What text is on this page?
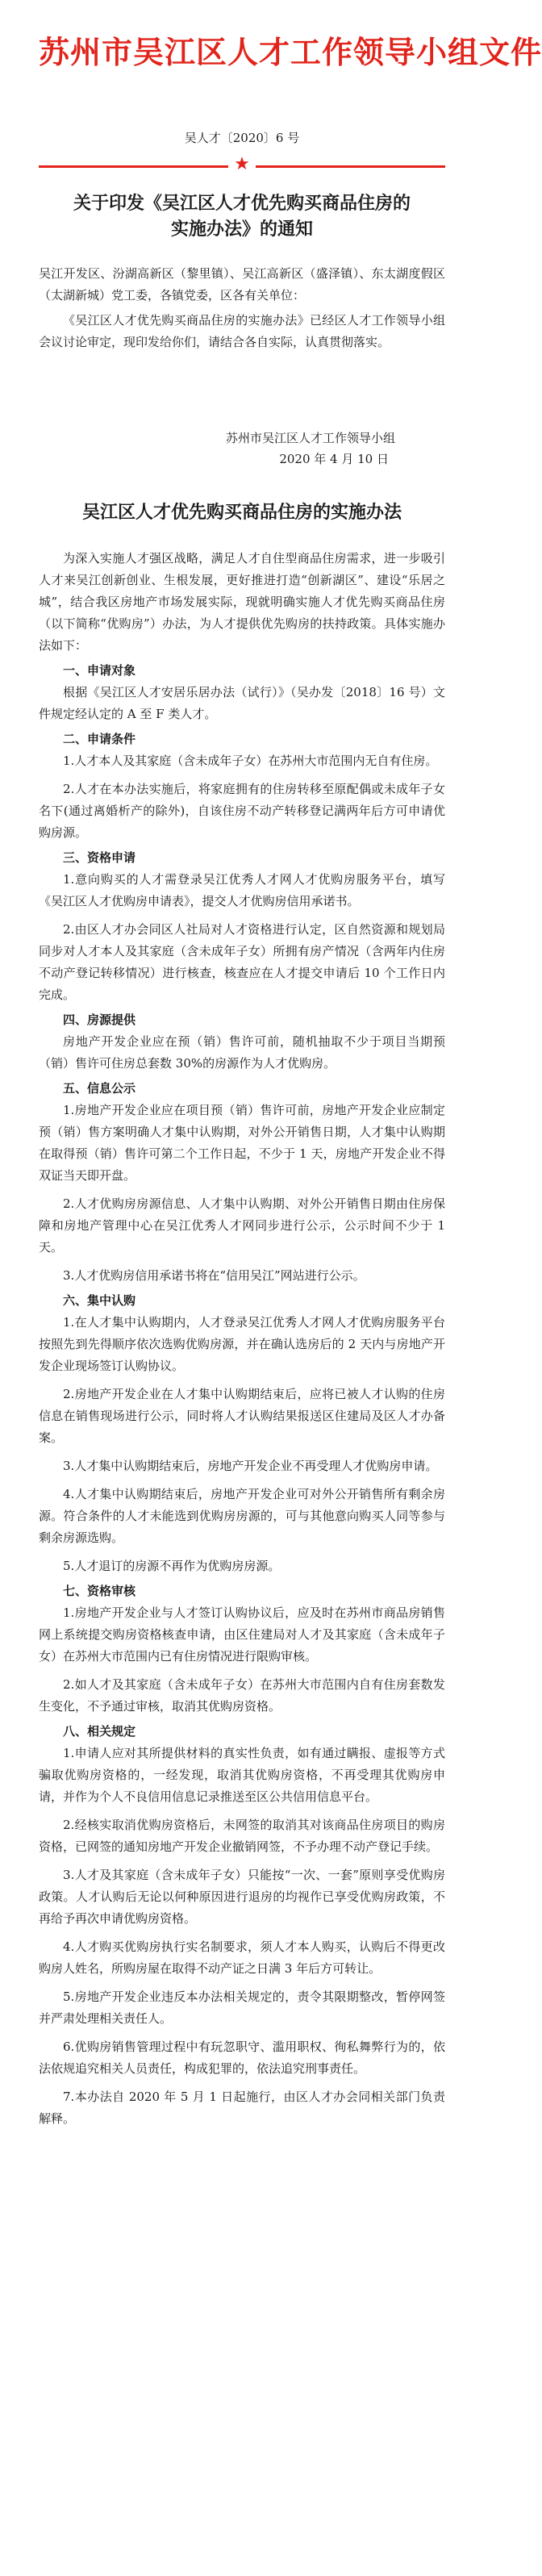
苏州市吴江区人才工作领导小组文件
吴人才〔2020〕6 号
★
关于印发《吴江区人才优先购买商品住房的
实施办法》的通知

吴江开发区、汾湖高新区（黎里镇）、吴江高新区（盛泽镇）、东太湖度假区（太湖新城）党工委，各镇党委，区各有关单位：

《吴江区人才优先购买商品住房的实施办法》已经区人才工作领导小组会议讨论审定，现印发给你们，请结合各自实际，认真贯彻落实。

苏州市吴江区人才工作领导小组
2020 年 4 月 10 日
吴江区人才优先购买商品住房的实施办法

为深入实施人才强区战略，满足人才自住型商品住房需求，进一步吸引人才来吴江创新创业、生根发展，更好推进打造“创新湖区”、建设“乐居之城”，结合我区房地产市场发展实际，现就明确实施人才优先购买商品住房（以下简称“优购房”）办法，为人才提供优先购房的扶持政策。具体实施办法如下：

一、申请对象

根据《吴江区人才安居乐居办法（试行）》（吴办发〔2018〕16 号）文件规定经认定的 A 至 F 类人才。

二、申请条件

1.人才本人及其家庭（含未成年子女）在苏州大市范围内无自有住房。

2.人才在本办法实施后，将家庭拥有的住房转移至原配偶或未成年子女名下(通过离婚析产的除外)，自该住房不动产转移登记满两年后方可申请优购房源。

三、资格申请

1.意向购买的人才需登录吴江优秀人才网人才优购房服务平台，填写《吴江区人才优购房申请表》，提交人才优购房信用承诺书。

2.由区人才办会同区人社局对人才资格进行认定，区自然资源和规划局同步对人才本人及其家庭（含未成年子女）所拥有房产情况（含两年内住房不动产登记转移情况）进行核查，核查应在人才提交申请后 10 个工作日内完成。

四、房源提供

房地产开发企业应在预（销）售许可前，随机抽取不少于项目当期预（销）售许可住房总套数 30%的房源作为人才优购房。

五、信息公示

1.房地产开发企业应在项目预（销）售许可前，房地产开发企业应制定预（销）售方案明确人才集中认购期，对外公开销售日期，人才集中认购期在取得预（销）售许可第二个工作日起，不少于 1 天，房地产开发企业不得双证当天即开盘。

2.人才优购房房源信息、人才集中认购期、对外公开销售日期由住房保障和房地产管理中心在吴江优秀人才网同步进行公示，公示时间不少于 1 天。

3.人才优购房信用承诺书将在“信用吴江”网站进行公示。

六、集中认购

1.在人才集中认购期内，人才登录吴江优秀人才网人才优购房服务平台按照先到先得顺序依次选购优购房源，并在确认选房后的 2 天内与房地产开发企业现场签订认购协议。

2.房地产开发企业在人才集中认购期结束后，应将已被人才认购的住房信息在销售现场进行公示，同时将人才认购结果报送区住建局及区人才办备案。

3.人才集中认购期结束后，房地产开发企业不再受理人才优购房申请。

4.人才集中认购期结束后，房地产开发企业可对外公开销售所有剩余房源。符合条件的人才未能选到优购房房源的，可与其他意向购买人同等参与剩余房源选购。

5.人才退订的房源不再作为优购房房源。

七、资格审核

1.房地产开发企业与人才签订认购协议后，应及时在苏州市商品房销售网上系统提交购房资格核查申请，由区住建局对人才及其家庭（含未成年子女）在苏州大市范围内已有住房情况进行限购审核。

2.如人才及其家庭（含未成年子女）在苏州大市范围内自有住房套数发生变化，不予通过审核，取消其优购房资格。

八、相关规定

1.申请人应对其所提供材料的真实性负责，如有通过瞒报、虚报等方式骗取优购房资格的，一经发现，取消其优购房资格，不再受理其优购房申请，并作为个人不良信用信息记录推送至区公共信用信息平台。

2.经核实取消优购房资格后，未网签的取消其对该商品住房项目的购房资格，已网签的通知房地产开发企业撤销网签，不予办理不动产登记手续。

3.人才及其家庭（含未成年子女）只能按“一次、一套”原则享受优购房政策。人才认购后无论以何种原因进行退房的均视作已享受优购房政策，不再给予再次申请优购房资格。

4.人才购买优购房执行实名制要求，须人才本人购买，认购后不得更改购房人姓名，所购房屋在取得不动产证之日满 3 年后方可转让。

5.房地产开发企业违反本办法相关规定的，责令其限期整改，暂停网签并严肃处理相关责任人。

6.优购房销售管理过程中有玩忽职守、滥用职权、徇私舞弊行为的，依法依规追究相关人员责任，构成犯罪的，依法追究刑事责任。

7.本办法自 2020 年 5 月 1 日起施行，由区人才办会同相关部门负责解释。
